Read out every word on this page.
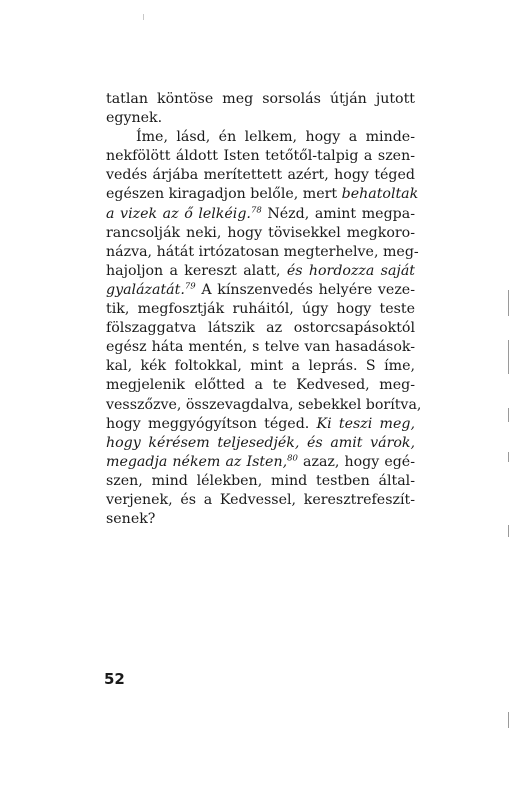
tatlan köntöse meg sorsolás útján jutott
egynek.
Íme, lásd, én lelkem, hogy a minde-
nekfölött áldott Isten tetőtől-talpig a szen-
vedés árjába merítettett azért, hogy téged
egészen kiragadjon belőle, mert behatoltak
a vizek az ő lelkéig.$^{78}$ Nézd, amint megpa-
rancsolják neki, hogy tövisekkel megkoro-
názva, hátát irtózatosan megterhelve, meg-
hajoljon a kereszt alatt, és hordozza saját
gyalázatát.$^{79}$ A kínszenvedés helyére veze-
tik, megfosztják ruháitól, úgy hogy teste
fölszaggatva látszik az ostorcsapásoktól
egész háta mentén, s telve van hasadások-
kal, kék foltokkal, mint a leprás. S íme,
megjelenik előtted a te Kedvesed, meg-
vesszőzve, összevagdalva, sebekkel borítva,
hogy meggyógyítson téged. Ki teszi meg,
hogy kérésem teljesedjék, és amit várok,
megadja nékem az Isten,$^{80}$ azaz, hogy egé-
szen, mind lélekben, mind testben által-
verjenek, és a Kedvessel, keresztrefeszít-
senek?
52
